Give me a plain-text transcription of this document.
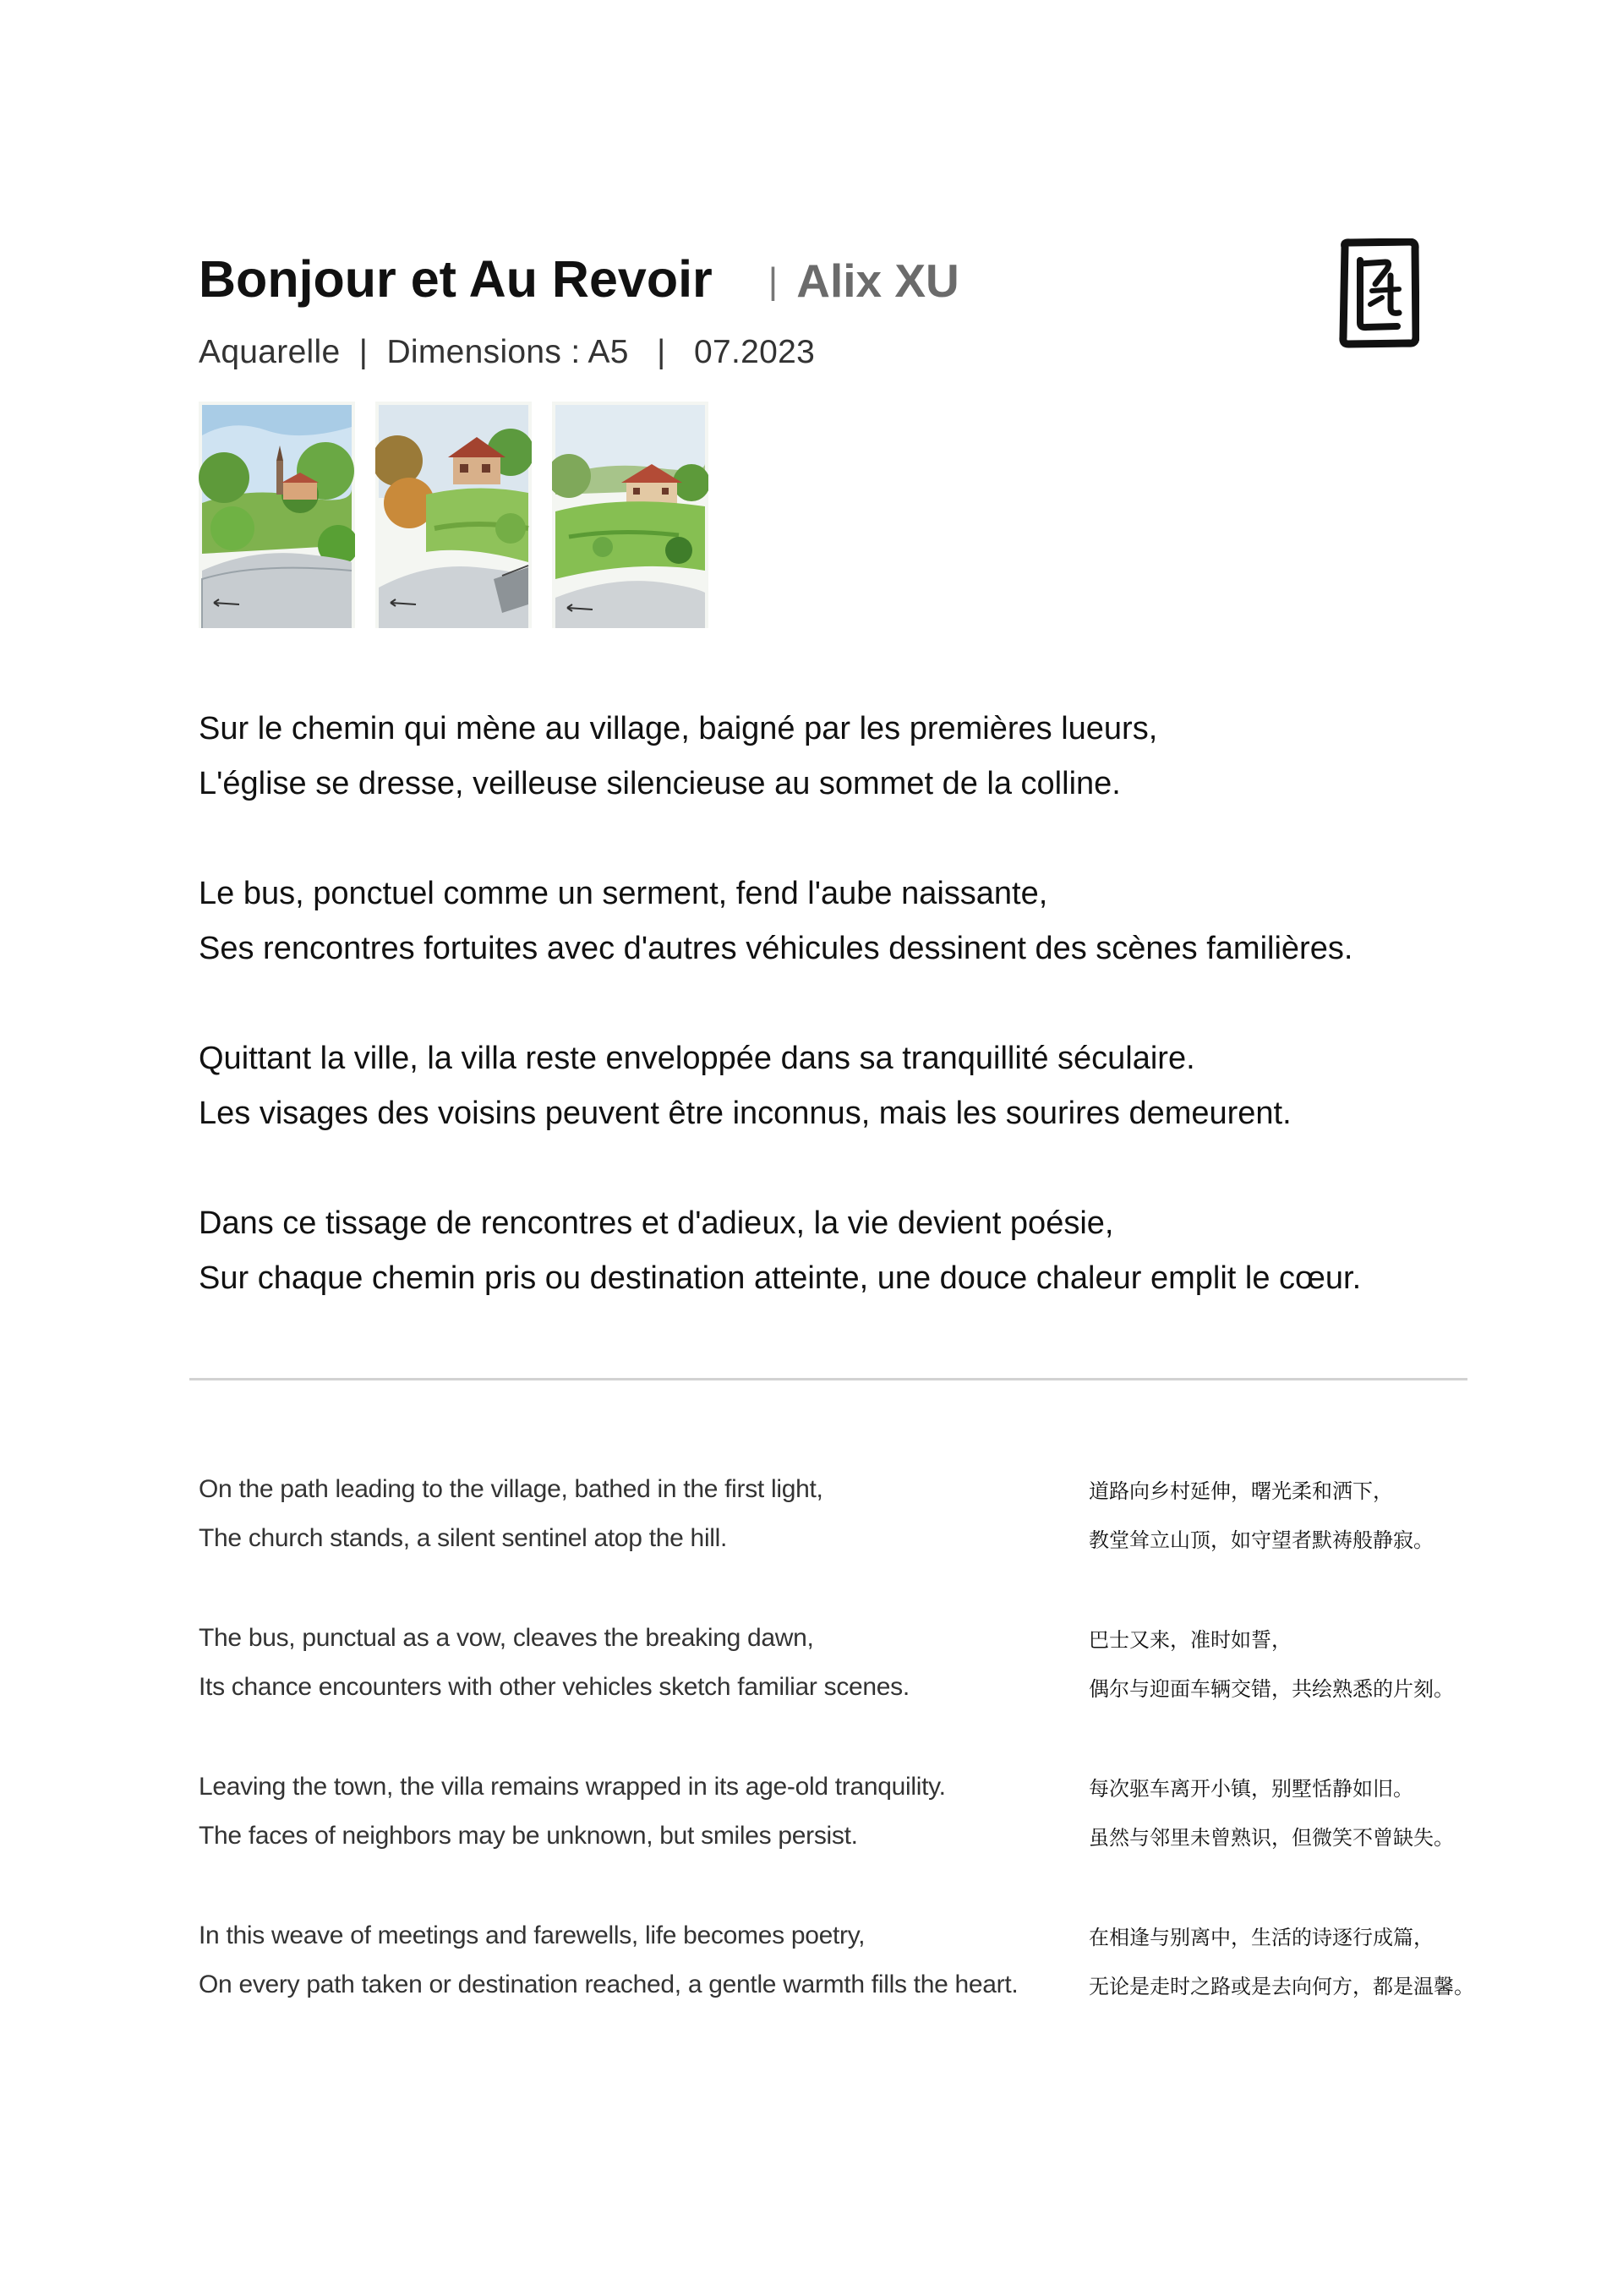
Bonjour et Au Revoir | Alix XU
Aquarelle  |  Dimensions : A5   |   07.2023
Sur le chemin qui mène au village, baigné par les premières lueurs,
L'église se dresse, veilleuse silencieuse au sommet de la colline.
Le bus, ponctuel comme un serment, fend l'aube naissante,
Ses rencontres fortuites avec d'autres véhicules dessinent des scènes familières.
Quittant la ville, la villa reste enveloppée dans sa tranquillité séculaire.
Les visages des voisins peuvent être inconnus, mais les sourires demeurent.
Dans ce tissage de rencontres et d'adieux, la vie devient poésie,
Sur chaque chemin pris ou destination atteinte, une douce chaleur emplit le cœur.
On the path leading to the village, bathed in the first light,
The church stands, a silent sentinel atop the hill.
The bus, punctual as a vow, cleaves the breaking dawn,
Its chance encounters with other vehicles sketch familiar scenes.
Leaving the town, the villa remains wrapped in its age-old tranquility.
The faces of neighbors may be unknown, but smiles persist.
In this weave of meetings and farewells, life becomes poetry,
On every path taken or destination reached, a gentle warmth fills the heart.
道路向乡村延伸，曙光柔和洒下，
教堂耸立山顶，如守望者默祷般静寂。
巴士又来，准时如誓，
偶尔与迎面车辆交错，共绘熟悉的片刻。
每次驱车离开小镇，别墅恬静如旧。
虽然与邻里未曾熟识，但微笑不曾缺失。
在相逢与别离中，生活的诗逐行成篇，
无论是走时之路或是去向何方，都是温馨。
